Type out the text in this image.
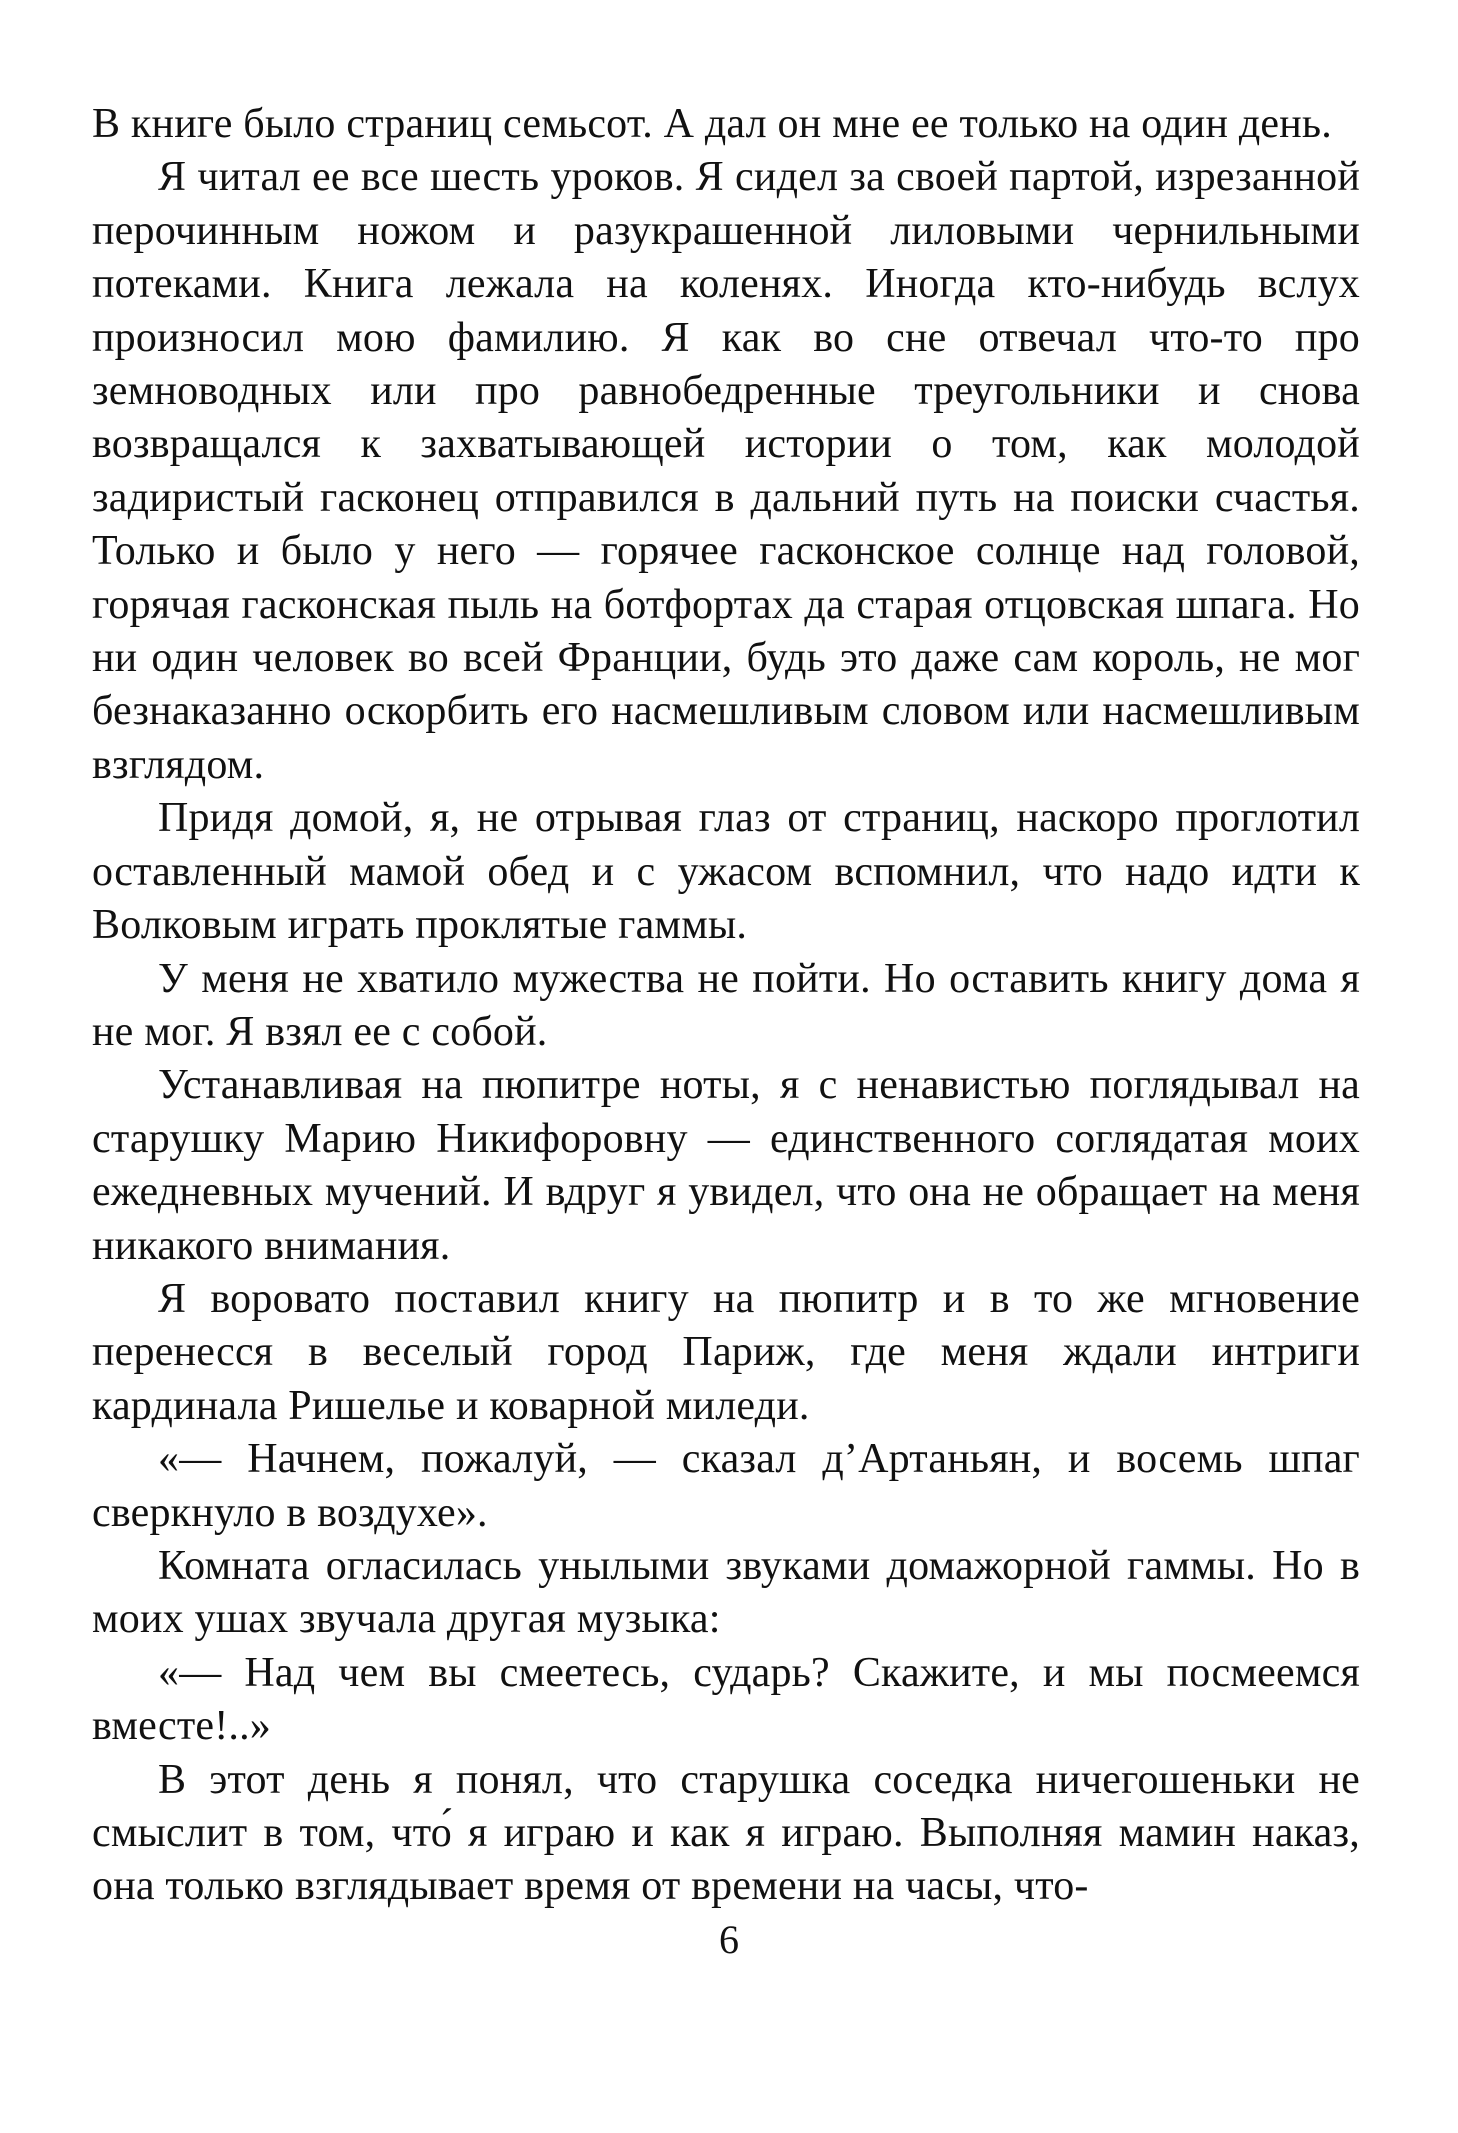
В книге было страниц семьсот. А дал он мне ее только на один день.

Я читал ее все шесть уроков. Я сидел за своей партой, изрезанной перочинным ножом и разукрашенной лиловыми чернильными потеками. Книга лежала на коленях. Иногда кто-нибудь вслух произносил мою фамилию. Я как во сне отвечал что-то про земноводных или про равнобедренные треугольники и снова возвращался к захватывающей истории о том, как молодой задиристый гасконец отправился в дальний путь на поиски счастья. Только и было у него — горячее гасконское солнце над головой, горячая гасконская пыль на ботфортах да старая отцовская шпага. Но ни один человек во всей Франции, будь это даже сам король, не мог безнаказанно оскорбить его насмешливым словом или насмешливым взглядом.

Придя домой, я, не отрывая глаз от страниц, наскоро проглотил оставленный мамой обед и с ужасом вспомнил, что надо идти к Волковым играть проклятые гаммы.

У меня не хватило мужества не пойти. Но оставить книгу дома я не мог. Я взял ее с собой.

Устанавливая на пюпитре ноты, я с ненавистью поглядывал на старушку Марию Никифоровну — единственного соглядатая моих ежедневных мучений. И вдруг я увидел, что она не обращает на меня никакого внимания.

Я воровато поставил книгу на пюпитр и в то же мгновение перенесся в веселый город Париж, где меня ждали интриги кардинала Ришелье и коварной миледи.

«— Начнем, пожалуй, — сказал д’Артаньян, и восемь шпаг сверкнуло в воздухе».

Комната огласилась унылыми звуками домажорной гаммы. Но в моих ушах звучала другая музыка:

«— Над чем вы смеетесь, сударь? Скажите, и мы посмеемся вместе!..»

В этот день я понял, что старушка соседка ничегошеньки не смыслит в том, что́ я играю и как я играю. Выполняя мамин наказ, она только взглядывает время от времени на часы, что-

6
